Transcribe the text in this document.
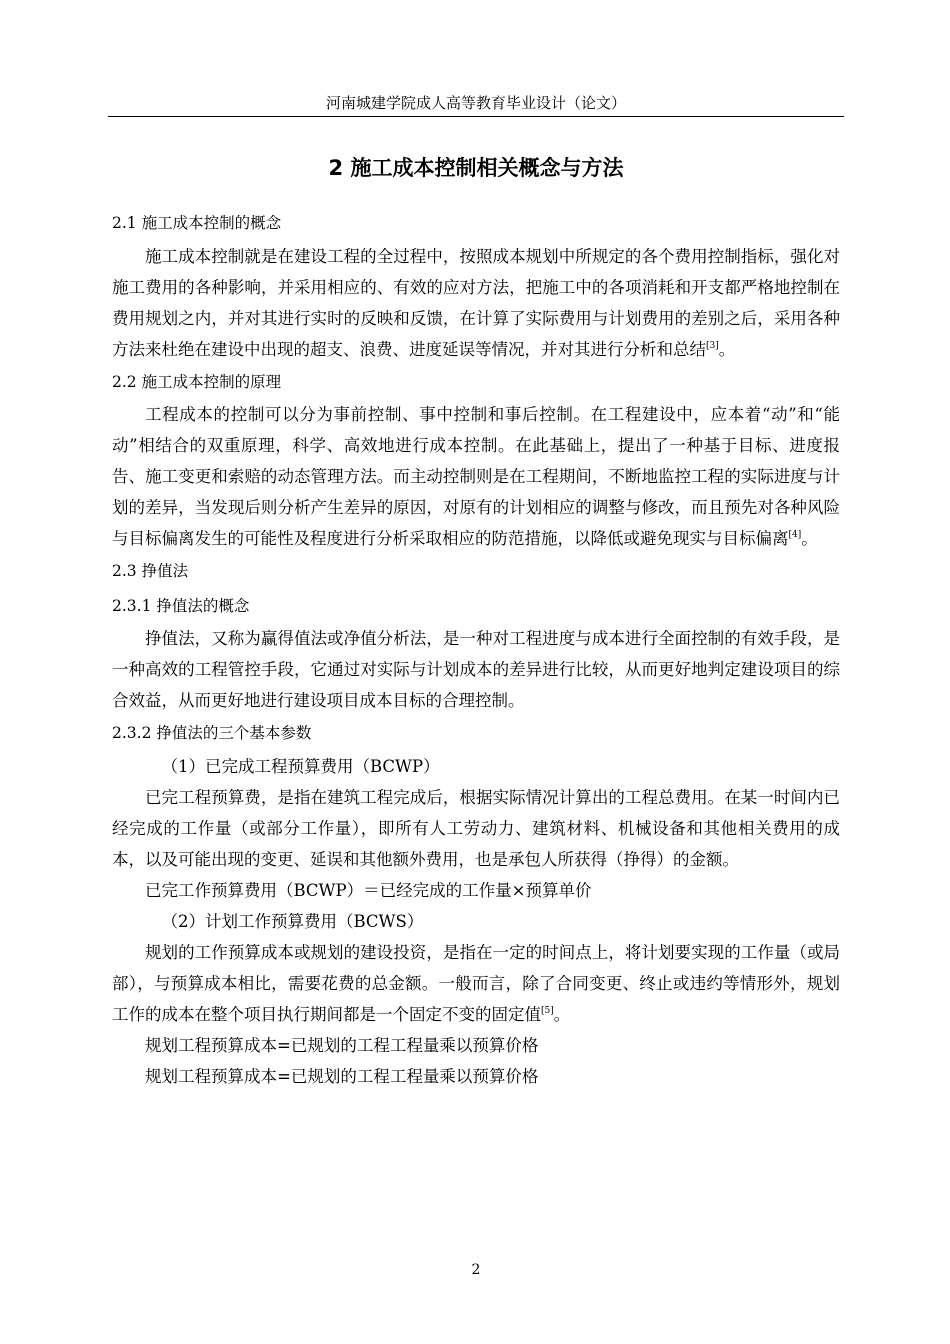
河南城建学院成人高等教育毕业设计（论文）
2 施工成本控制相关概念与方法

2.1 施工成本控制的概念

施工成本控制就是在建设工程的全过程中，按照成本规划中所规定的各个费用控制指标，强化对施工费用的各种影响，并采用相应的、有效的应对方法，把施工中的各项消耗和开支都严格地控制在费用规划之内，并对其进行实时的反映和反馈，在计算了实际费用与计划费用的差别之后，采用各种方法来杜绝在建设中出现的超支、浪费、进度延误等情况，并对其进行分析和总结[3]。

2.2 施工成本控制的原理

工程成本的控制可以分为事前控制、事中控制和事后控制。在工程建设中，应本着“动”和“能动”相结合的双重原理，科学、高效地进行成本控制。在此基础上，提出了一种基于目标、进度报告、施工变更和索赔的动态管理方法。而主动控制则是在工程期间，不断地监控工程的实际进度与计划的差异，当发现后则分析产生差异的原因，对原有的计划相应的调整与修改，而且预先对各种风险与目标偏离发生的可能性及程度进行分析采取相应的防范措施，以降低或避免现实与目标偏离[4]。

2.3 挣值法

2.3.1 挣值法的概念

挣值法，又称为赢得值法或净值分析法，是一种对工程进度与成本进行全面控制的有效手段，是一种高效的工程管控手段，它通过对实际与计划成本的差异进行比较，从而更好地判定建设项目的综合效益，从而更好地进行建设项目成本目标的合理控制。

2.3.2 挣值法的三个基本参数

（1）已完成工程预算费用（BCWP）

已完工程预算费，是指在建筑工程完成后，根据实际情况计算出的工程总费用。在某一时间内已经完成的工作量（或部分工作量），即所有人工劳动力、建筑材料、机械设备和其他相关费用的成本，以及可能出现的变更、延误和其他额外费用，也是承包人所获得（挣得）的金额。

已完工作预算费用（BCWP）＝已经完成的工作量×预算单价

（2）计划工作预算费用（BCWS）

规划的工作预算成本或规划的建设投资，是指在一定的时间点上，将计划要实现的工作量（或局部），与预算成本相比，需要花费的总金额。一般而言，除了合同变更、终止或违约等情形外，规划工作的成本在整个项目执行期间都是一个固定不变的固定值[5]。

规划工程预算成本=已规划的工程工程量乘以预算价格

规划工程预算成本=已规划的工程工程量乘以预算价格

2
